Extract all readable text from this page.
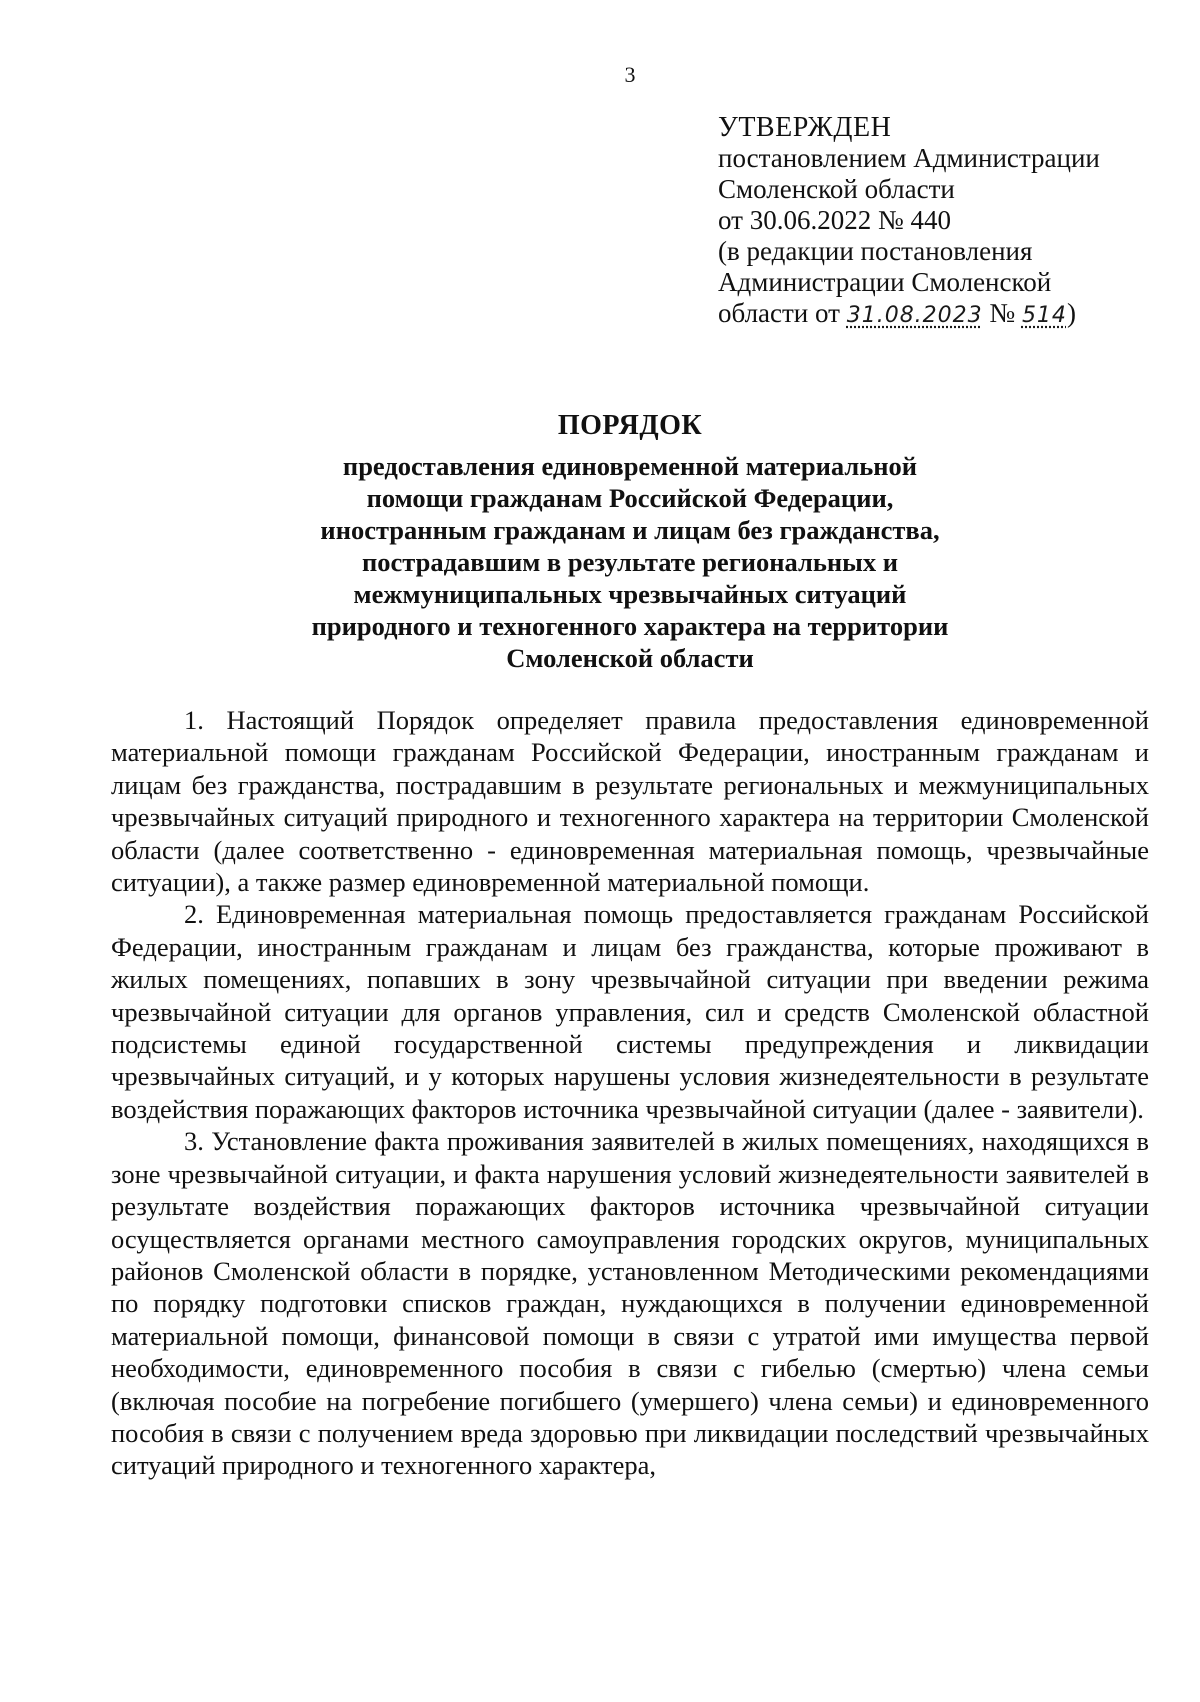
3
УТВЕРЖДЕН
постановлением Администрации
Смоленской области
от 30.06.2022 № 440
(в редакции постановления
Администрации Смоленской
области от 31.08.2023 № 514)
ПОРЯДОК
предоставления единовременной материальной
помощи гражданам Российской Федерации,
иностранным гражданам и лицам без гражданства,
пострадавшим в результате региональных и
межмуниципальных чрезвычайных ситуаций
природного и техногенного характера на территории
Смоленской области

1. Настоящий Порядок определяет правила предоставления единовременной материальной помощи гражданам Российской Федерации, иностранным гражданам и лицам без гражданства, пострадавшим в результате региональных и межмуниципальных чрезвычайных ситуаций природного и техногенного характера на территории Смоленской области (далее соответственно - единовременная материальная помощь, чрезвычайные ситуации), а также размер единовременной материальной помощи.

2. Единовременная материальная помощь предоставляется гражданам Российской Федерации, иностранным гражданам и лицам без гражданства, которые проживают в жилых помещениях, попавших в зону чрезвычайной ситуации при введении режима чрезвычайной ситуации для органов управления, сил и средств Смоленской областной подсистемы единой государственной системы предупреждения и ликвидации чрезвычайных ситуаций, и у которых нарушены условия жизнедеятельности в результате воздействия поражающих факторов источника чрезвычайной ситуации (далее - заявители).

3. Установление факта проживания заявителей в жилых помещениях, находящихся в зоне чрезвычайной ситуации, и факта нарушения условий жизнедеятельности заявителей в результате воздействия поражающих факторов источника чрезвычайной ситуации осуществляется органами местного самоуправления городских округов, муниципальных районов Смоленской области в порядке, установленном Методическими рекомендациями по порядку подготовки списков граждан, нуждающихся в получении единовременной материальной помощи, финансовой помощи в связи с утратой ими имущества первой необходимости, единовременного пособия в связи с гибелью (смертью) члена семьи (включая пособие на погребение погибшего (умершего) члена семьи) и единовременного пособия в связи с получением вреда здоровью при ликвидации последствий чрезвычайных ситуаций природного и техногенного характера,
